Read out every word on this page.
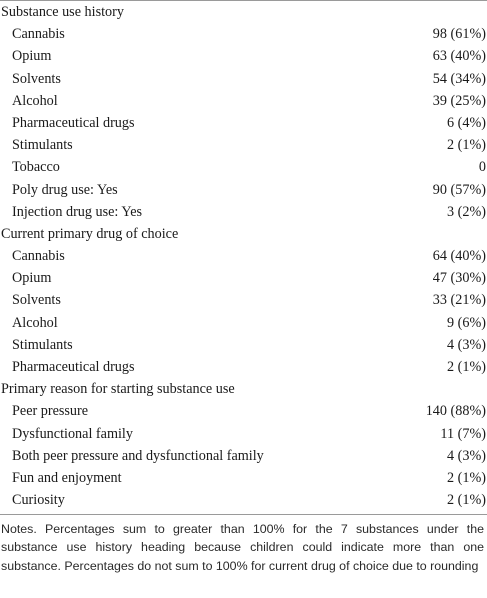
Substance use history
Cannabis	98 (61%)
Opium	63 (40%)
Solvents	54 (34%)
Alcohol	39 (25%)
Pharmaceutical drugs	6 (4%)
Stimulants	2 (1%)
Tobacco	0
Poly drug use: Yes	90 (57%)
Injection drug use: Yes	3 (2%)
Current primary drug of choice
Cannabis	64 (40%)
Opium	47 (30%)
Solvents	33 (21%)
Alcohol	9 (6%)
Stimulants	4 (3%)
Pharmaceutical drugs	2 (1%)
Primary reason for starting substance use
Peer pressure	140 (88%)
Dysfunctional family	11 (7%)
Both peer pressure and dysfunctional family	4 (3%)
Fun and enjoyment	2 (1%)
Curiosity	2 (1%)
Notes. Percentages sum to greater than 100% for the 7 substances under the substance use history heading because children could indicate more than one substance. Percentages do not sum to 100% for current drug of choice due to rounding
